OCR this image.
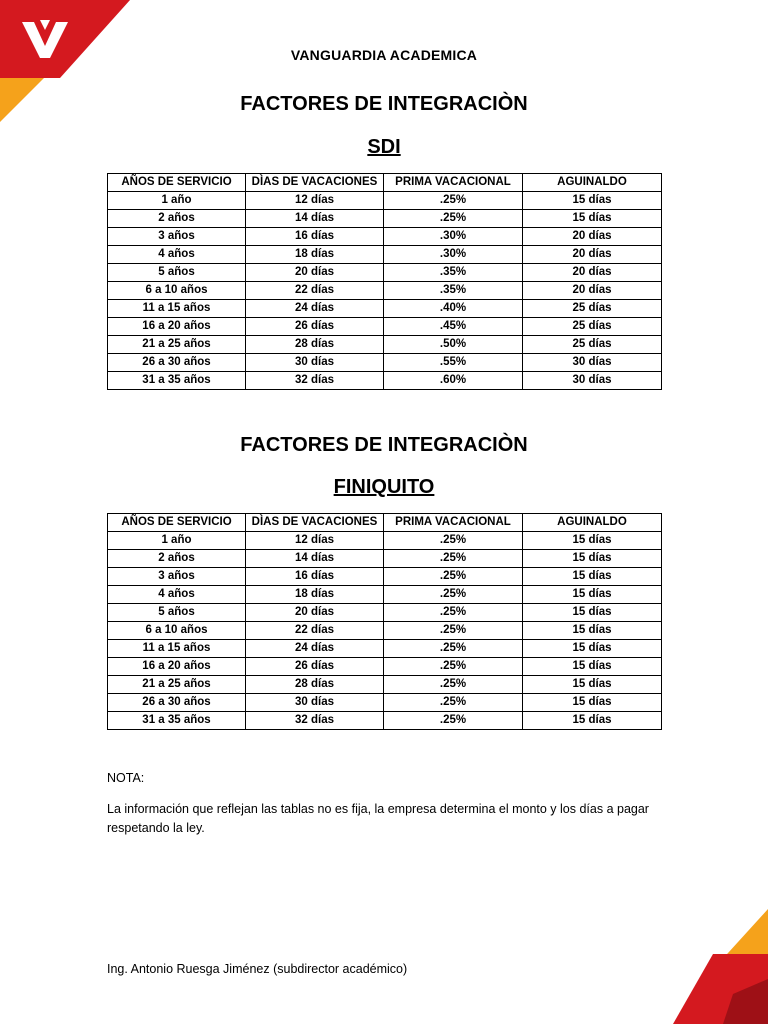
VANGUARDIA ACADEMICA
FACTORES DE INTEGRACIÒN
SDI
AÑOS DE SERVICIO	DÌAS DE VACACIONES	PRIMA VACACIONAL	AGUINALDO
1 año	12 días	.25%	15 días
2 años	14 días	.25%	15 días
3 años	16 días	.30%	20 días
4 años	18 días	.30%	20 días
5 años	20 días	.35%	20 días
6 a 10 años	22 días	.35%	20 días
11 a 15 años	24 días	.40%	25 días
16 a 20 años	26 días	.45%	25 días
21 a 25 años	28 días	.50%	25 días
26 a 30 años	30 días	.55%	30 días
31 a 35 años	32 días	.60%	30 días
FACTORES DE INTEGRACIÒN
FINIQUITO
AÑOS DE SERVICIO	DÌAS DE VACACIONES	PRIMA VACACIONAL	AGUINALDO
1 año	12 días	.25%	15 días
2 años	14 días	.25%	15 días
3 años	16 días	.25%	15 días
4 años	18 días	.25%	15 días
5 años	20 días	.25%	15 días
6 a 10 años	22 días	.25%	15 días
11 a 15 años	24 días	.25%	15 días
16 a 20 años	26 días	.25%	15 días
21 a 25 años	28 días	.25%	15 días
26 a 30 años	30 días	.25%	15 días
31 a 35 años	32 días	.25%	15 días
NOTA:
La información que reflejan las tablas no es fija, la empresa determina el monto y los días a pagar respetando la ley.
Ing. Antonio Ruesga Jiménez (subdirector académico)
